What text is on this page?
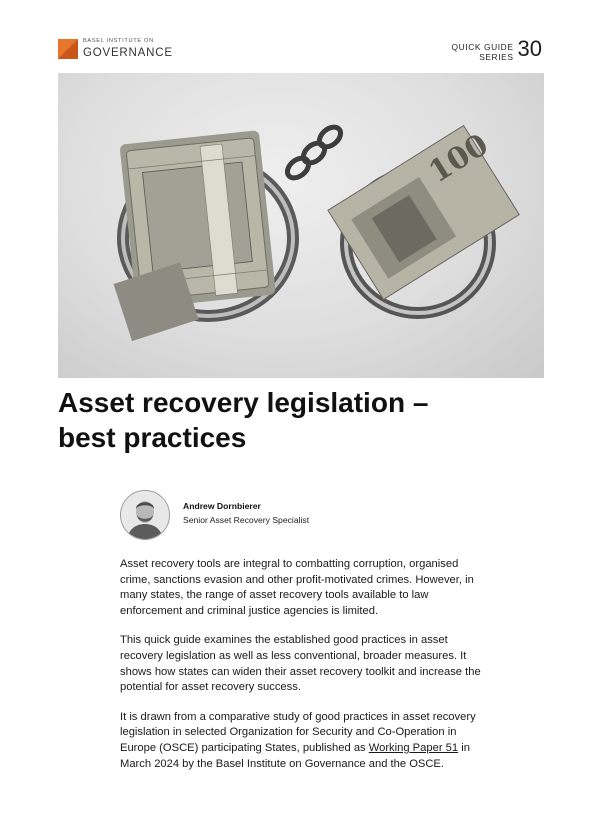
BASEL INSTITUTE ON
GOVERNANCE	QUICK GUIDE
SERIES 30
100
Asset recovery legislation –
best practices
Andrew Dornbierer
Senior Asset Recovery Specialist

Asset recovery tools are integral to combatting corruption, organised crime, sanctions evasion and other profit-motivated crimes. However, in many states, the range of asset recovery tools available to law enforcement and criminal justice agencies is limited.

This quick guide examines the established good practices in asset recovery legislation as well as less conventional, broader measures. It shows how states can widen their asset recovery toolkit and increase the potential for asset recovery success.

It is drawn from a comparative study of good practices in asset recovery legislation in selected Organization for Security and Co-Operation in Europe (OSCE) participating States, published as Working Paper 51 in March 2024 by the Basel Institute on Governance and the OSCE.
